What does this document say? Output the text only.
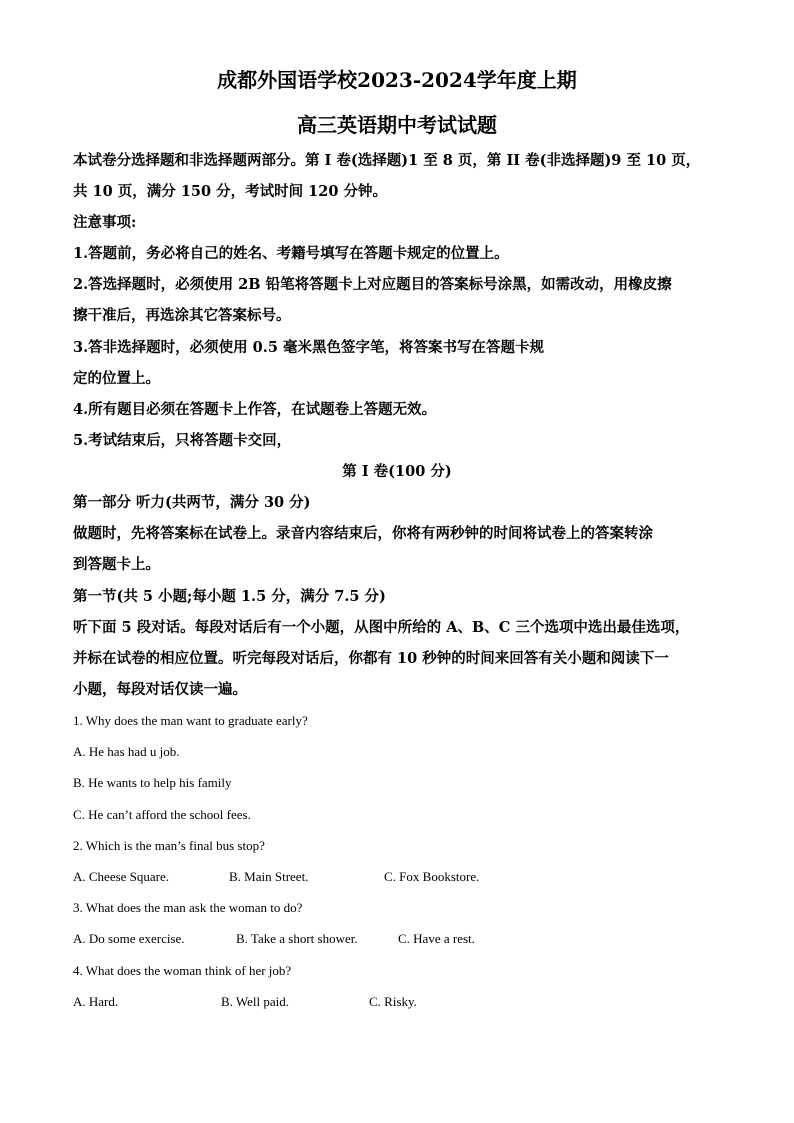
成都外国语学校2023-2024学年度上期
高三英语期中考试试题
本试卷分选择题和非选择题两部分。第 I 卷(选择题)1 至 8 页，第 II 卷(非选择题)9 至 10 页，
共 10 页，满分 150 分，考试时间 120 分钟。
注意事项:
1.答题前，务必将自己的姓名、考籍号填写在答题卡规定的位置上。
2.答选择题时，必须使用 2B 铅笔将答题卡上对应题目的答案标号涂黑，如需改动，用橡皮擦
擦干准后，再选涂其它答案标号。
3.答非选择题时，必须使用 0.5 毫米黑色签字笔，将答案书写在答题卡规
定的位置上。
4.所有题目必须在答题卡上作答，在试题卷上答题无效。
5.考试结束后，只将答题卡交回，
第 I 卷(100 分)
第一部分 听力(共两节，满分 30 分)
做题时，先将答案标在试卷上。录音内容结束后，你将有两秒钟的时间将试卷上的答案转涂
到答题卡上。
第一节(共 5 小题;每小题 1.5 分，满分 7.5 分)
听下面 5 段对话。每段对话后有一个小题，从图中所给的 A、B、C 三个选项中选出最佳选项，
并标在试卷的相应位置。听完每段对话后，你都有 10 秒钟的时间来回答有关小题和阅读下一
小题，每段对话仅读一遍。
1. Why does the man want to graduate early?
A. He has had u job.
B. He wants to help his family
C. He can’t afford the school fees.
2. Which is the man’s final bus stop?
A. Cheese Square.	B. Main Street.	C. Fox Bookstore.
3. What does the man ask the woman to do?
A. Do some exercise.	B. Take a short shower.	C. Have a rest.
4. What does the woman think of her job?
A. Hard.	B. Well paid.	C. Risky.
